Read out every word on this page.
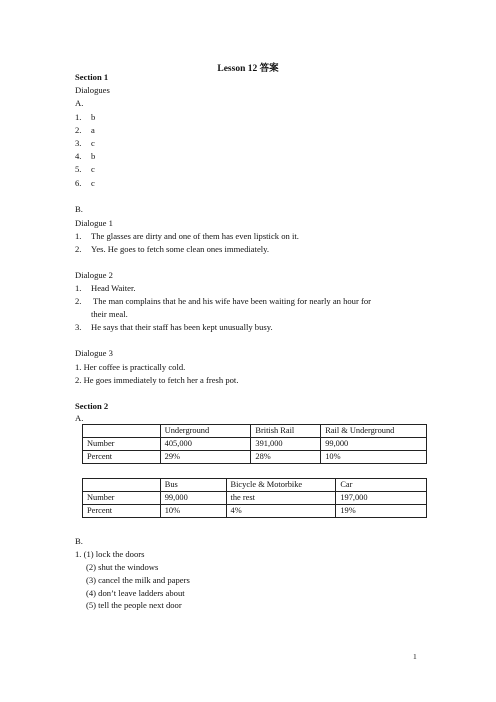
Lesson 12 答案
Section 1
Dialogues
A.
1. b
2. a
3. c
4. b
5. c
6. c
B.
Dialogue 1
1. The glasses are dirty and one of them has even lipstick on it.
2. Yes. He goes to fetch some clean ones immediately.
Dialogue 2
1. Head Waiter.
2. The man complains that he and his wife have been waiting for nearly an hour for
their meal.
3. He says that their staff has been kept unusually busy.
Dialogue 3
1. Her coffee is practically cold.
2. He goes immediately to fetch her a fresh pot.
Section 2
A.
	Underground	British Rail	Rail & Underground
Number	405,000	391,000	99,000
Percent	29%	28%	10%
	Bus	Bicycle & Motorbike	Car
Number	99,000	the rest	197,000
Percent	10%	4%	19%
B.
1. (1) lock the doors
(2) shut the windows
(3) cancel the milk and papers
(4) don’t leave ladders about
(5) tell the people next door
1
